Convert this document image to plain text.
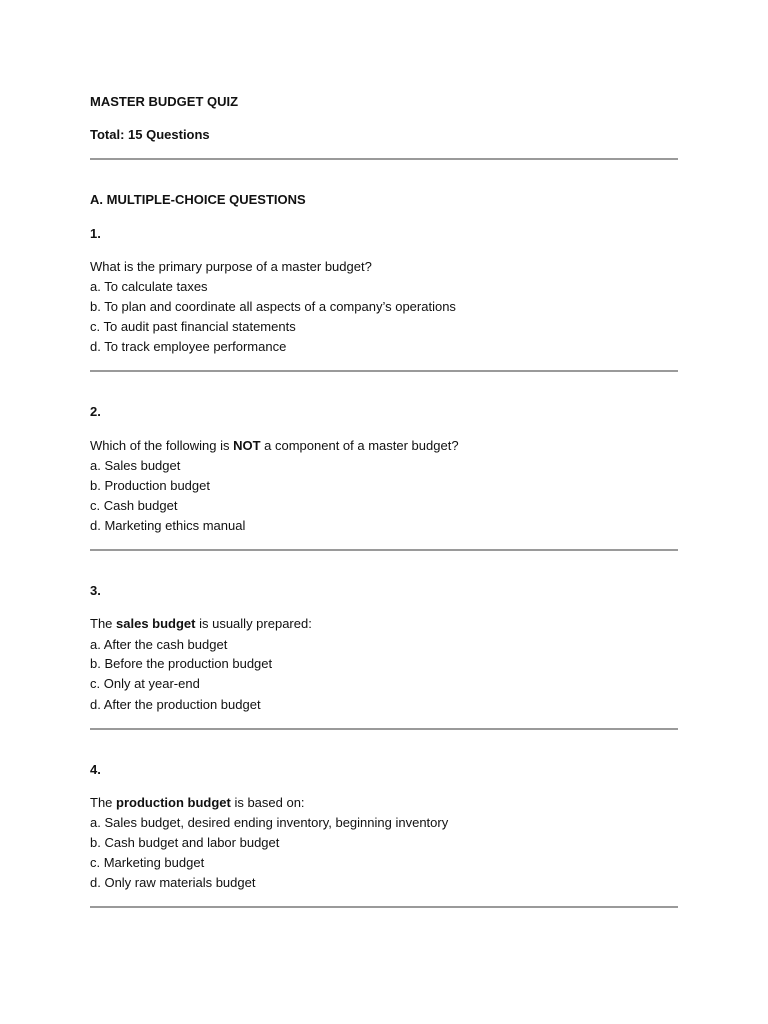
MASTER BUDGET QUIZ
Total: 15 Questions
A. MULTIPLE-CHOICE QUESTIONS
1.
What is the primary purpose of a master budget?
a. To calculate taxes
b. To plan and coordinate all aspects of a company’s operations
c. To audit past financial statements
d. To track employee performance
2.
Which of the following is NOT a component of a master budget?
a. Sales budget
b. Production budget
c. Cash budget
d. Marketing ethics manual
3.
The sales budget is usually prepared:
a. After the cash budget
b. Before the production budget
c. Only at year-end
d. After the production budget
4.
The production budget is based on:
a. Sales budget, desired ending inventory, beginning inventory
b. Cash budget and labor budget
c. Marketing budget
d. Only raw materials budget
